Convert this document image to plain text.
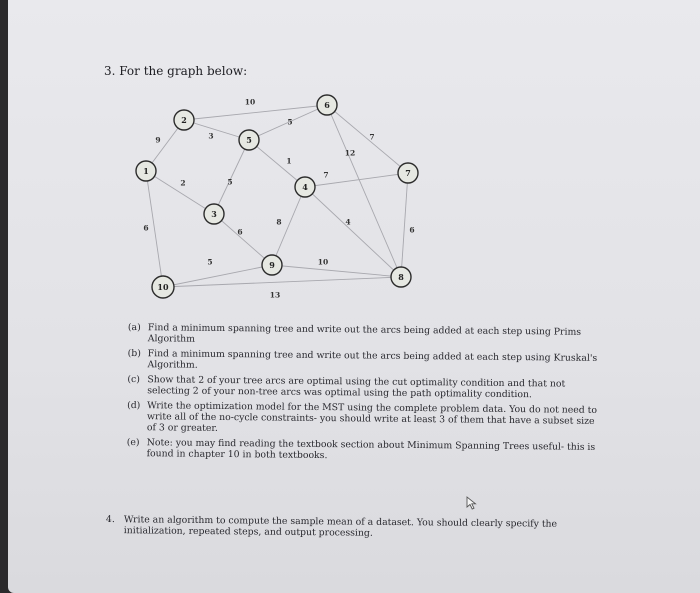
3. For the graph below:
9
2
6
3
10
5
5
1
7
12
7
8	4
6
6
5	10
13
1
2
5
6
3
4
7
9
8
10
(a) Find a minimum spanning tree and write out the arcs being added at each step using Prims Algorithm
(b) Find a minimum spanning tree and write out the arcs being added at each step using Kruskal's Algorithm.
(c) Show that 2 of your tree arcs are optimal using the cut optimality condition and that not selecting 2 of your non-tree arcs was optimal using the path optimality condition.
(d) Write the optimization model for the MST using the complete problem data. You do not need to write all of the no-cycle constraints- you should write at least 3 of them that have a subset size of 3 or greater.
(e) Note: you may find reading the textbook section about Minimum Spanning Trees useful- this is found in chapter 10 in both textbooks.
4. Write an algorithm to compute the sample mean of a dataset. You should clearly specify the initialization, repeated steps, and output processing.
